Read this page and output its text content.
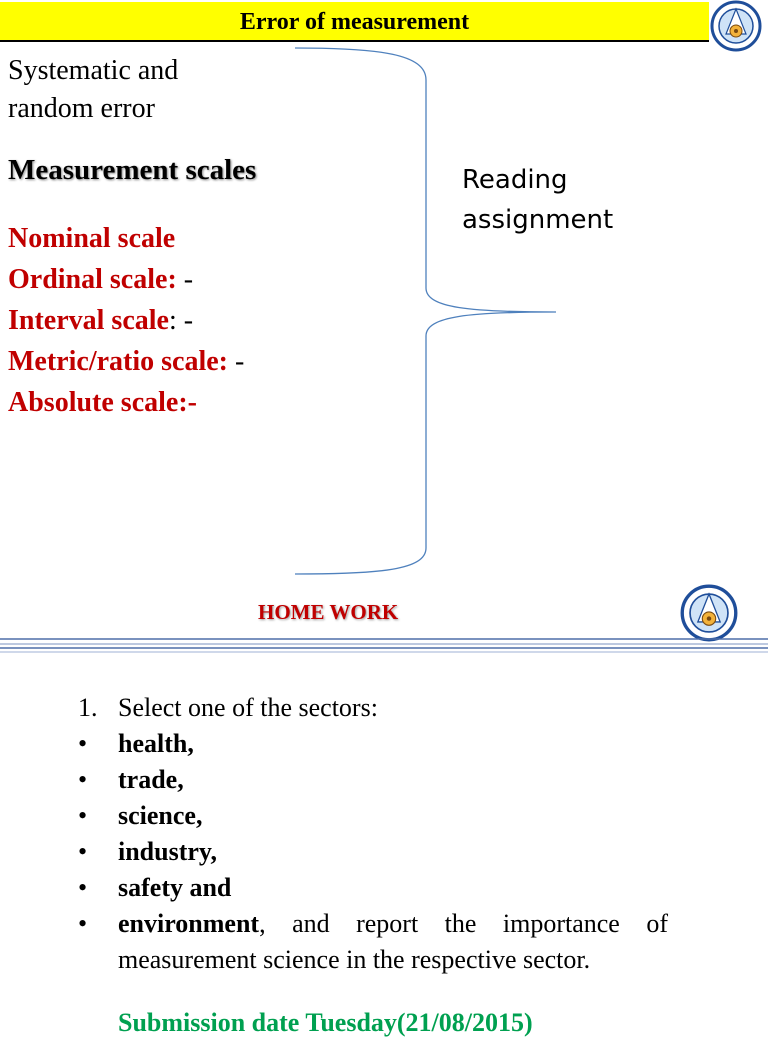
Error of measurement
Systematic and
random error
Measurement scales
Nominal scale
Ordinal scale: -
Interval scale: -
Metric/ratio scale: -
Absolute scale:-
Reading
assignment
HOME WORK
1. Select one of the sectors:
• health,
• trade,
• science,
• industry,
• safety and
• environment, and report the importance of measurement science in the respective sector.
Submission date Tuesday(21/08/2015)
